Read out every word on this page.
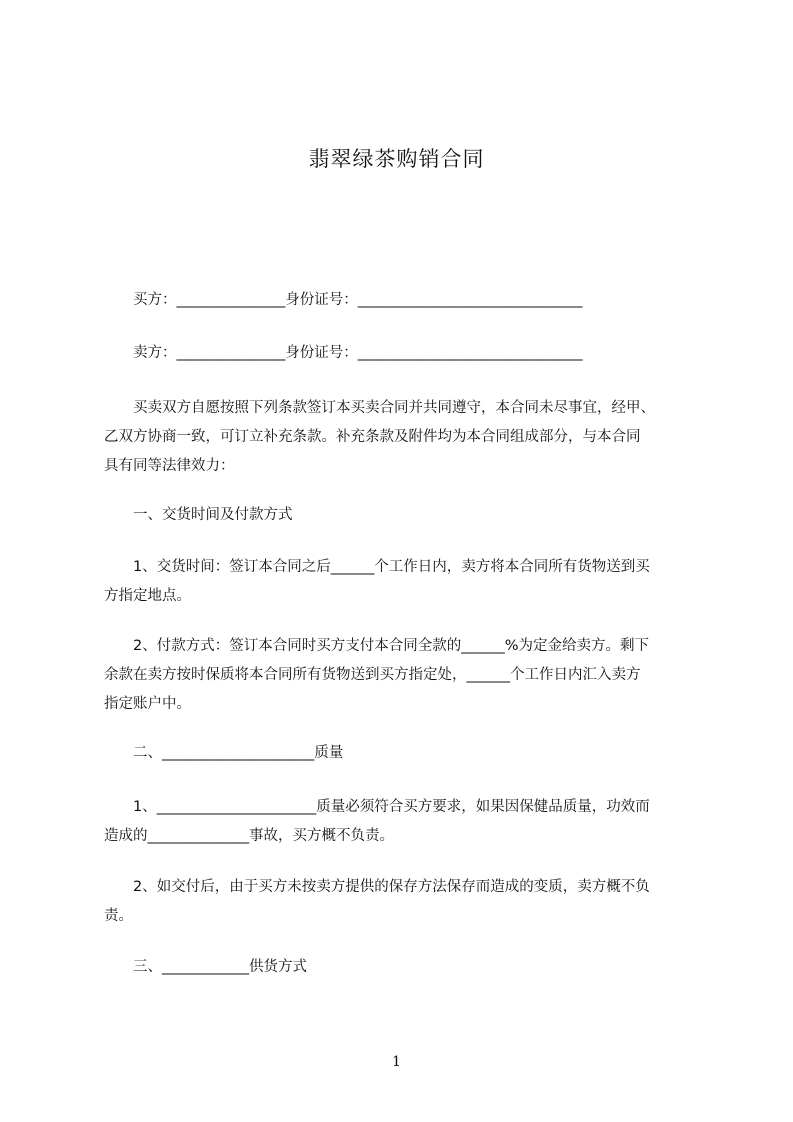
翡翠绿茶购销合同
　　买方：_______________身份证号：_______________________________
　　卖方：_______________身份证号：_______________________________

　　买卖双方自愿按照下列条款签订本买卖合同并共同遵守，本合同未尽事宜，经甲、

乙双方协商一致，可订立补充条款。补充条款及附件均为本合同组成部分，与本合同

具有同等法律效力：

　　一、交货时间及付款方式

　　1、交货时间：签订本合同之后______个工作日内，卖方将本合同所有货物送到买

方指定地点。

　　2、付款方式：签订本合同时买方支付本合同全款的______%为定金给卖方。剩下

余款在卖方按时保质将本合同所有货物送到买方指定处，______个工作日内汇入卖方

指定账户中。

　　二、_____________________质量

　　1、______________________质量必须符合买方要求，如果因保健品质量，功效而

造成的______________事故，买方概不负责。

　　2、如交付后，由于买方未按卖方提供的保存方法保存而造成的变质，卖方概不负

责。

　　三、____________供货方式
1
